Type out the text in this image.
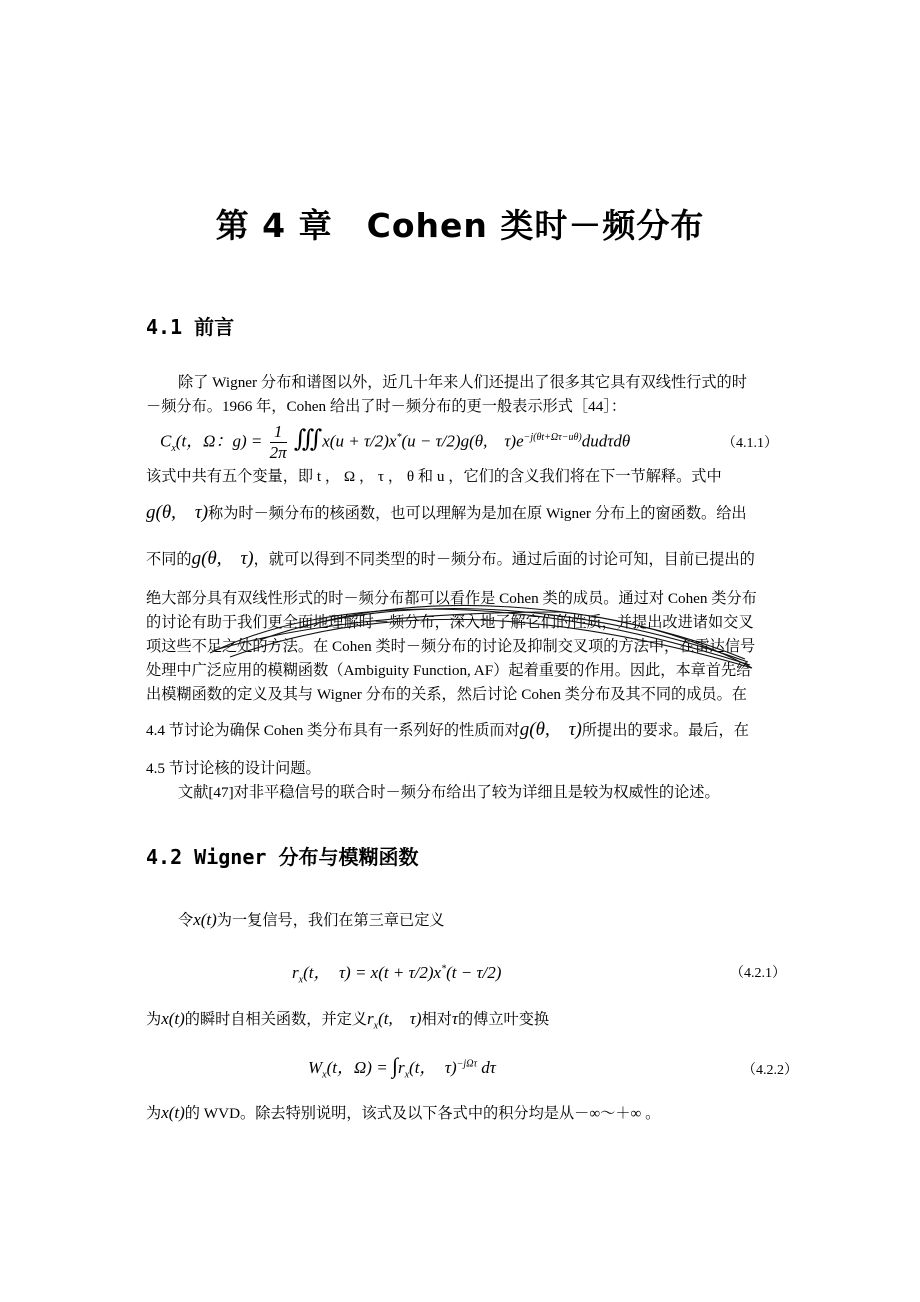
第 4 章　Cohen 类时－频分布
4.1 前言
除了 Wigner 分布和谱图以外，近几十年来人们还提出了很多其它具有双线性行式的时
－频分布。1966 年，Cohen 给出了时－频分布的更一般表示形式［44］：
$C_x(t$，Ω：$g) = \frac{1}{2\pi}$ ∭x(u + τ/2)x*(u − τ/2)g(θ,　$\tau)e^{-j(\theta t+\Omega\tau-u\theta)}dud\tau d\theta$	（4.1.1）
该式中共有五个变量，即 t ， Ω ， τ ， θ 和 u ，它们的含义我们将在下一节解释。式中
g(θ,　τ)称为时－频分布的核函数，也可以理解为是加在原 Wigner 分布上的窗函数。给出
不同的g(θ,　τ)，就可以得到不同类型的时－频分布。通过后面的讨论可知，目前已提出的
绝大部分具有双线性形式的时－频分布都可以看作是 Cohen 类的成员。通过对 Cohen 类分布
的讨论有助于我们更全面地理解时－频分布，深入地了解它们的性质，并提出改进诸如交叉
项这些不足之处的方法。在 Cohen 类时－频分布的讨论及抑制交叉项的方法中，在雷达信号
处理中广泛应用的模糊函数（Ambiguity Function, AF）起着重要的作用。因此，本章首先给
出模糊函数的定义及其与 Wigner 分布的关系，然后讨论 Cohen 类分布及其不同的成员。在
4.4 节讨论为确保 Cohen 类分布具有一系列好的性质而对g(θ,　τ)所提出的要求。最后，在
4.5 节讨论核的设计问题。
文献[47]对非平稳信号的联合时－频分布给出了较为详细且是较为权威性的论述。
4.2 Wigner 分布与模糊函数
令x(t)为一复信号，我们在第三章已定义
$r_x(t$，　τ) = x(t + τ/2)x*(t − τ/2)	（4.2.1）
为x(t)的瞬时自相关函数，并定义$r_x(t$,　τ)相对τ的傅立叶变换
$W_x(t$，$\Omega) = \int r_x(t$，　τ)$^{-j\Omega\tau}$ dτ	（4.2.2）
为x(t)的 WVD。除去特别说明，该式及以下各式中的积分均是从－∞～＋∞ 。
